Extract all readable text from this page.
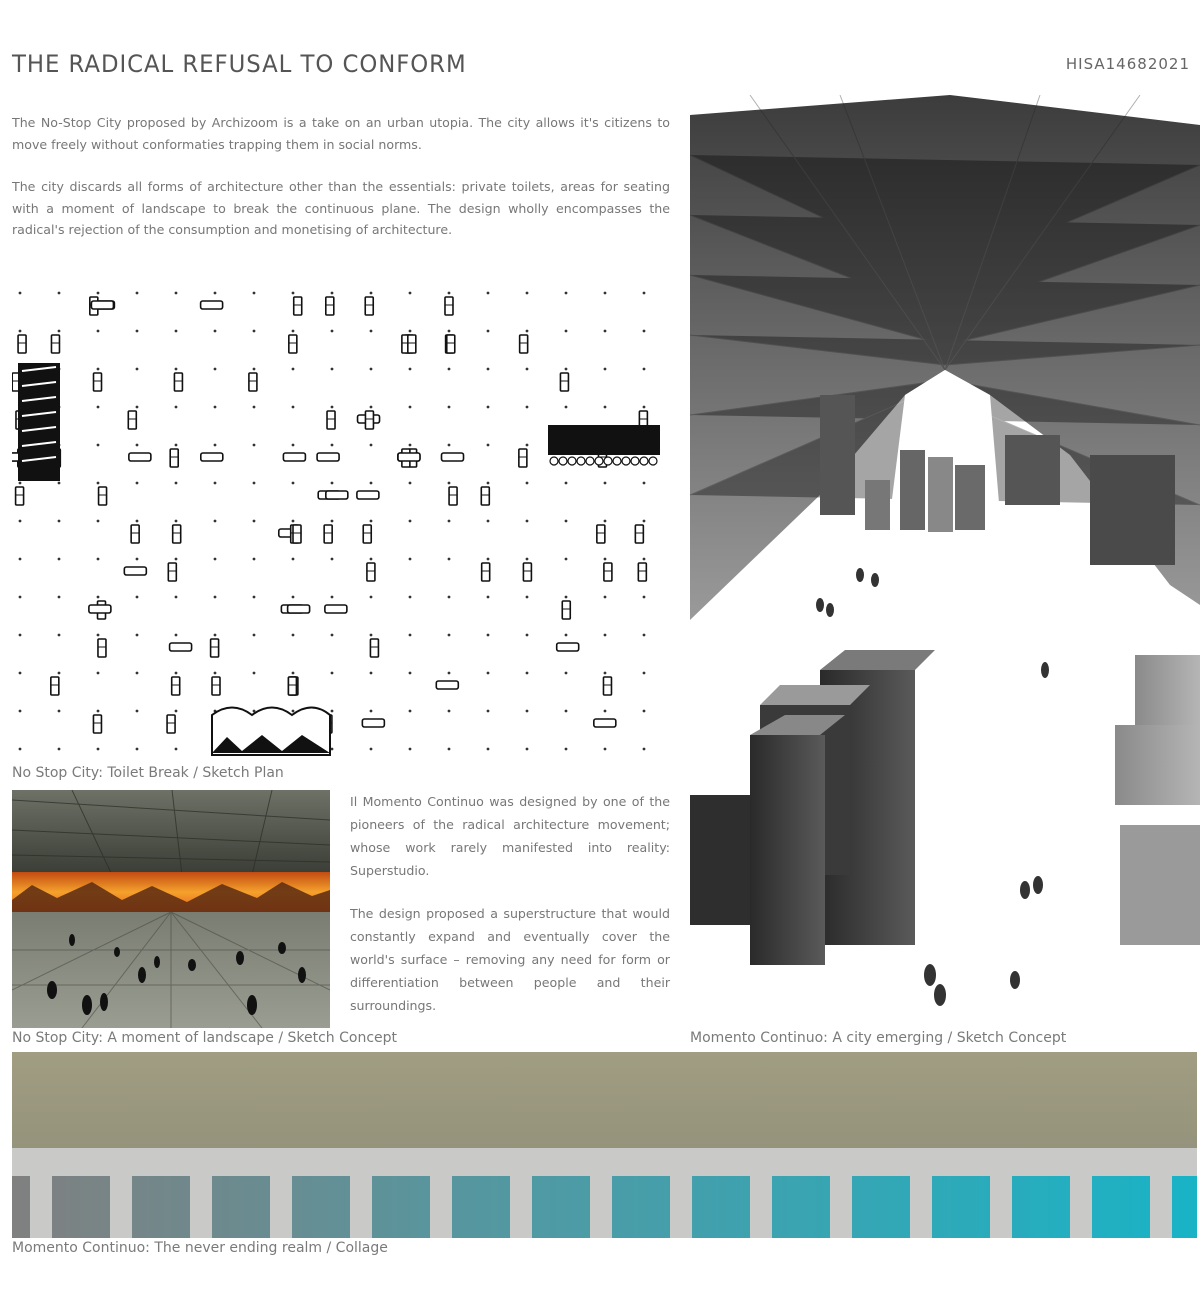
THE RADICAL REFUSAL TO CONFORM	HISA14682021

The No-Stop City proposed by Archizoom is a take on an urban utopia. The city allows it's citizens to move freely without conformaties trapping them in social norms.

The city discards all forms of architecture other than the essentials: private toilets, areas for seating with a moment of landscape to break the continuous plane. The design wholly encompasses the radical's rejection of the consumption and monetising of architecture.

No Stop City: Toilet Break / Sketch Plan
No Stop City: A moment of landscape / Sketch Concept

Il Momento Continuo was designed by one of the pioneers of the radical architecture movement; whose work rarely manifested into reality: Superstudio.

The design proposed a superstructure that would constantly expand and eventually cover the world's surface – removing any need for form or differentiation between people and their surroundings.

Momento Continuo: A city emerging / Sketch Concept
Momento Continuo: The never ending realm / Collage
